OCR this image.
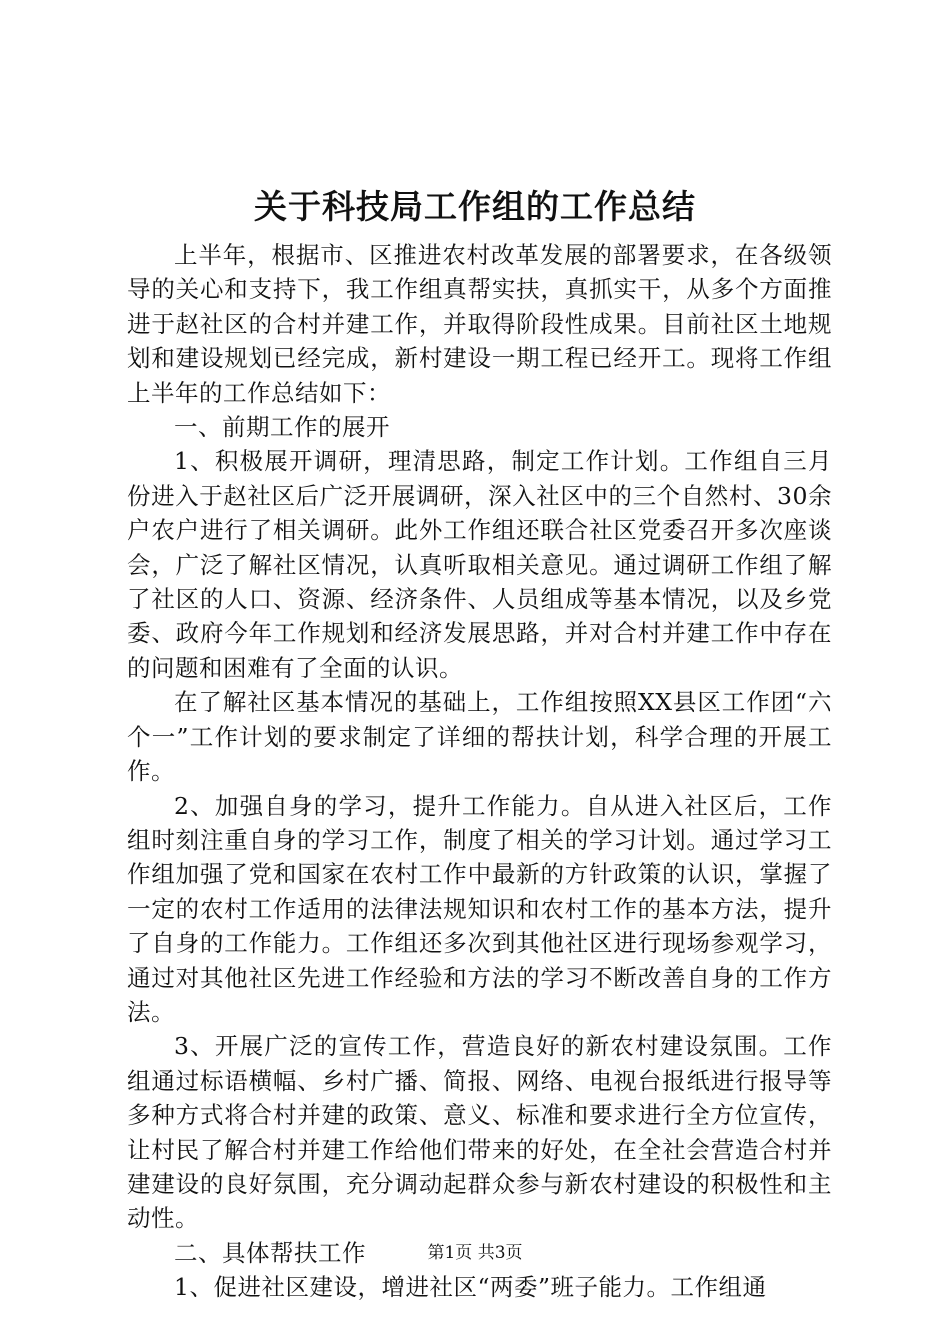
关于科技局工作组的工作总结

上半年，根据市、区推进农村改革发展的部署要求，在各级领导的关心和支持下，我工作组真帮实扶，真抓实干，从多个方面推进于赵社区的合村并建工作，并取得阶段性成果。目前社区土地规划和建设规划已经完成，新村建设一期工程已经开工。现将工作组上半年的工作总结如下：

一、前期工作的展开

1、积极展开调研，理清思路，制定工作计划。工作组自三月份进入于赵社区后广泛开展调研，深入社区中的三个自然村、30余户农户进行了相关调研。此外工作组还联合社区党委召开多次座谈会，广泛了解社区情况，认真听取相关意见。通过调研工作组了解了社区的人口、资源、经济条件、人员组成等基本情况，以及乡党委、政府今年工作规划和经济发展思路，并对合村并建工作中存在的问题和困难有了全面的认识。

在了解社区基本情况的基础上，工作组按照XX县区工作团“六个一”工作计划的要求制定了详细的帮扶计划，科学合理的开展工作。

2、加强自身的学习，提升工作能力。自从进入社区后，工作组时刻注重自身的学习工作，制度了相关的学习计划。通过学习工作组加强了党和国家在农村工作中最新的方针政策的认识，掌握了一定的农村工作适用的法律法规知识和农村工作的基本方法，提升了自身的工作能力。工作组还多次到其他社区进行现场参观学习，通过对其他社区先进工作经验和方法的学习不断改善自身的工作方法。

3、开展广泛的宣传工作，营造良好的新农村建设氛围。工作组通过标语横幅、乡村广播、简报、网络、电视台报纸进行报导等多种方式将合村并建的政策、意义、标准和要求进行全方位宣传，让村民了解合村并建工作给他们带来的好处，在全社会营造合村并建建设的良好氛围，充分调动起群众参与新农村建设的积极性和主动性。

二、具体帮扶工作

1、促进社区建设，增进社区“两委”班子能力。工作组通

第1页 共3页
